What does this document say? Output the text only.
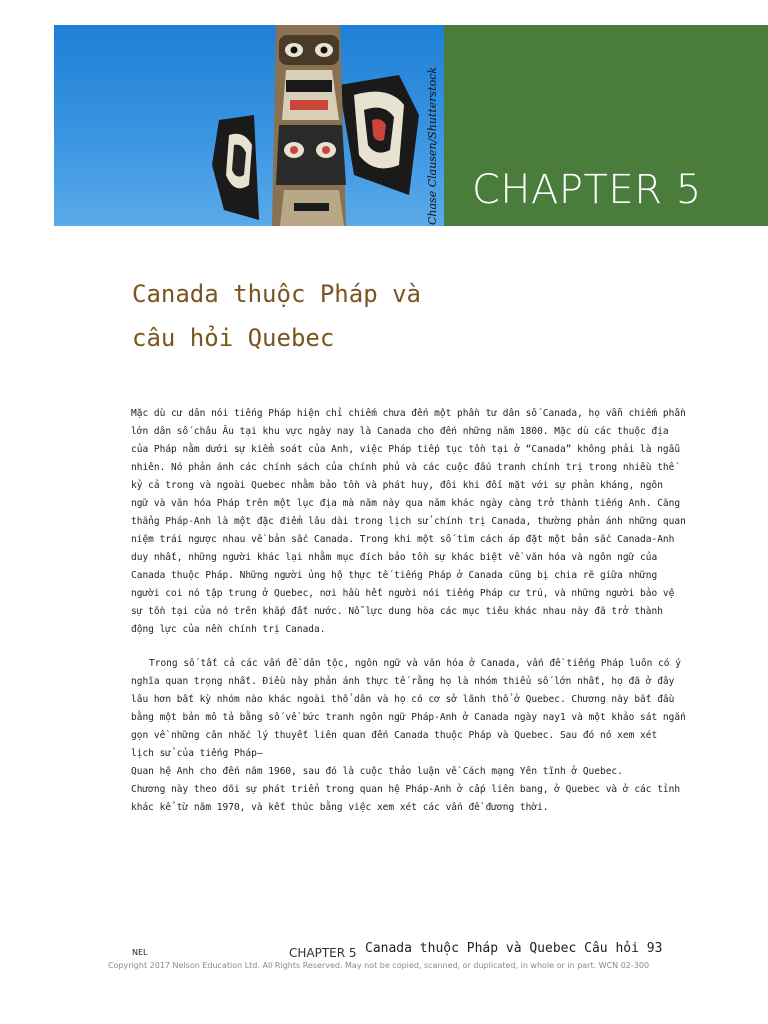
Chase Clausen/Shutterstock CHAPTER 5
Canada thuộc Pháp và
câu hỏi Quebec
Mặc dù cư dân nói tiếng Pháp hiện chỉ chiếm chưa đến một phần tư dân số Canada, họ vẫn chiếm phần
lớn dân số châu Âu tại khu vực ngày nay là Canada cho đến những năm 1800. Mặc dù các thuộc địa
của Pháp nằm dưới sự kiểm soát của Anh, việc Pháp tiếp tục tồn tại ở “Canada” không phải là ngẫu
nhiên. Nó phản ánh các chính sách của chính phủ và các cuộc đấu tranh chính trị trong nhiều thế
kỷ cả trong và ngoài Quebec nhằm bảo tồn và phát huy, đôi khi đối mặt với sự phản kháng, ngôn
ngữ và văn hóa Pháp trên một lục địa mà năm này qua năm khác ngày càng trở thành tiếng Anh. Căng
thẳng Pháp-Anh là một đặc điểm lâu dài trong lịch sử chính trị Canada, thường phản ánh những quan
niệm trái ngược nhau về bản sắc Canada. Trong khi một số tìm cách áp đặt một bản sắc Canada-Anh
duy nhất, những người khác lại nhằm mục đích bảo tồn sự khác biệt về văn hóa và ngôn ngữ của
Canada thuộc Pháp. Những người ủng hộ thực tế tiếng Pháp ở Canada cũng bị chia rẽ giữa những
người coi nó tập trung ở Quebec, nơi hầu hết người nói tiếng Pháp cư trú, và những người bảo vệ
sự tồn tại của nó trên khắp đất nước. Nỗ lực dung hòa các mục tiêu khác nhau này đã trở thành
động lực của nền chính trị Canada.
Trong số tất cả các vấn đề dân tộc, ngôn ngữ và văn hóa ở Canada, vấn đề tiếng Pháp luôn có ý
nghĩa quan trọng nhất. Điều này phản ánh thực tế rằng họ là nhóm thiểu số lớn nhất, họ đã ở đây
lâu hơn bất kỳ nhóm nào khác ngoài thổ dân và họ có cơ sở lãnh thổ ở Quebec. Chương này bắt đầu
bằng một bản mô tả bằng số về bức tranh ngôn ngữ Pháp-Anh ở Canada ngày nay1 và một khảo sát ngắn
gọn về những cân nhắc lý thuyết liên quan đến Canada thuộc Pháp và Quebec. Sau đó nó xem xét
lịch sử của tiếng Pháp–
Quan hệ Anh cho đến năm 1960, sau đó là cuộc thảo luận về Cách mạng Yên tĩnh ở Quebec.
Chương này theo dõi sự phát triển trong quan hệ Pháp-Anh ở cấp liên bang, ở Quebec và ở các tỉnh
khác kể từ năm 1970, và kết thúc bằng việc xem xét các vấn đề đương thời.
NEL	CHAPTER 5 Canada thuộc Pháp và Quebec Câu hỏi 93
Copyright 2017 Nelson Education Ltd. All Rights Reserved. May not be copied, scanned, or duplicated, in whole or in part. WCN 02-300
